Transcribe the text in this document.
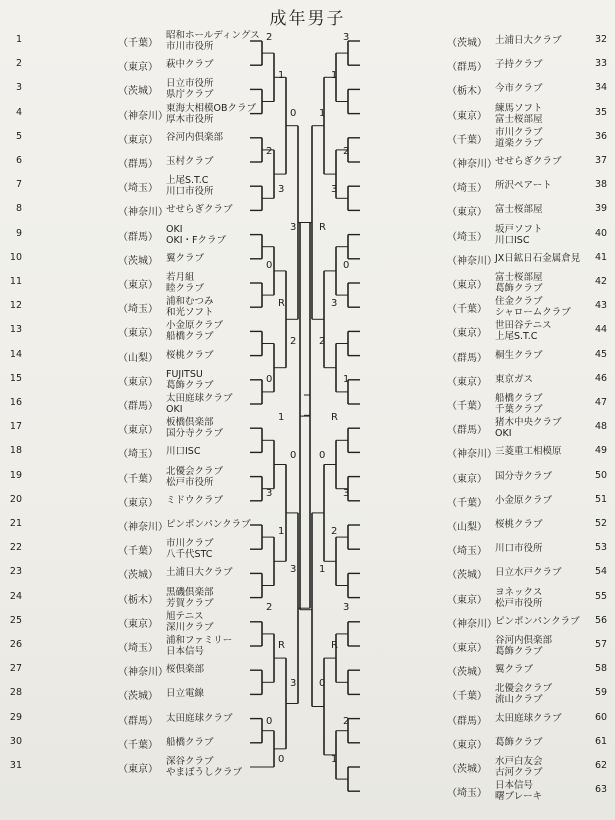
成年男子
2
1
0
2
3
3
0
R
2
0
1
0
3
1
3
2
R
3
0
0
3
1
1
2
3
R
0
3
2
1
R
0
3
2
1
3
R
0
2
1
1	（千葉）
昭和ホールディングス
市川市役所
2	（東京） 萩中クラブ
3	（茨城）
日立市役所
県庁クラブ
4	（神奈川）
東海大相模OBクラブ
厚木市役所
5	（東京） 谷河内倶楽部
6	（群馬） 玉村クラブ
7	（埼玉）
上尾S.T.C
川口市役所
8	（神奈川）
せせらぎクラブ
9	（群馬）
OKI
OKI・Fクラブ
10	（茨城） 翼クラブ
11	（東京）
若月組
睦クラブ
12	（埼玉）
浦和むつみ
和光ソフト
13	（東京）
小金原クラブ
船橋クラブ
14	（山梨） 桜桃クラブ
15	（東京）
FUJITSU
葛飾クラブ
16	（群馬）
太田庭球クラブ
OKI
17	（東京）
板橋倶楽部
国分寺クラブ
18	（埼玉） 川口ISC
19	（千葉）
北優会クラブ
松戸市役所
20	（東京） ミドウクラブ
21	（神奈川）
ピンポンパンクラブ
22	（千葉）
市川クラブ
八千代STC
23	（茨城） 土浦日大クラブ
24	（栃木）
黒磯倶楽部
芳賀クラブ
25	（東京）
旭テニス
深川クラブ
26	（埼玉）
浦和ファミリー
日本信号
27	（神奈川）
桜倶楽部
28	（茨城） 日立電線
29	（群馬） 太田庭球クラブ
30	（千葉） 船橋クラブ
31	（東京）
深谷クラブ
やまぼうしクラブ
32
（茨城） 土浦日大クラブ
33
（群馬） 子持クラブ
34
（栃木） 今市クラブ
35
（東京）
練馬ソフト
富士桜部屋
36
（千葉）
市川クラブ
道楽クラブ
37
（神奈川）
せせらぎクラブ
38
（埼玉） 所沢ペアート
39
（東京） 富士桜部屋
40
（埼玉）
坂戸ソフト
川口ISC
41
（神奈川）
JX日鉱日石金属倉見
42
（東京）
富士桜部屋
葛飾クラブ
43
（千葉）
住金クラブ
シャロームクラブ
44
（東京）
世田谷テニス
上尾S.T.C
45
（群馬） 桐生クラブ
46
（東京） 東京ガス
47
（千葉）
船橋クラブ
千葉クラブ
48
（群馬）
猪木中央クラブ
OKI
49
（神奈川）
三菱重工相模原
50
（東京） 国分寺クラブ
51
（千葉） 小金原クラブ
52
（山梨） 桜桃クラブ
53
（埼玉） 川口市役所
54
（茨城） 日立水戸クラブ
55
（東京）
ヨネックス
松戸市役所
56
（神奈川）
ピンポンパンクラブ
57
（東京）
谷河内倶楽部
葛飾クラブ
58
（茨城） 翼クラブ
59
（千葉）
北優会クラブ
流山クラブ
60
（群馬） 太田庭球クラブ
61
（東京） 葛飾クラブ
62
（茨城）
水戸白友会
古河クラブ
63
（埼玉）
日本信号
曙ブレーキ
